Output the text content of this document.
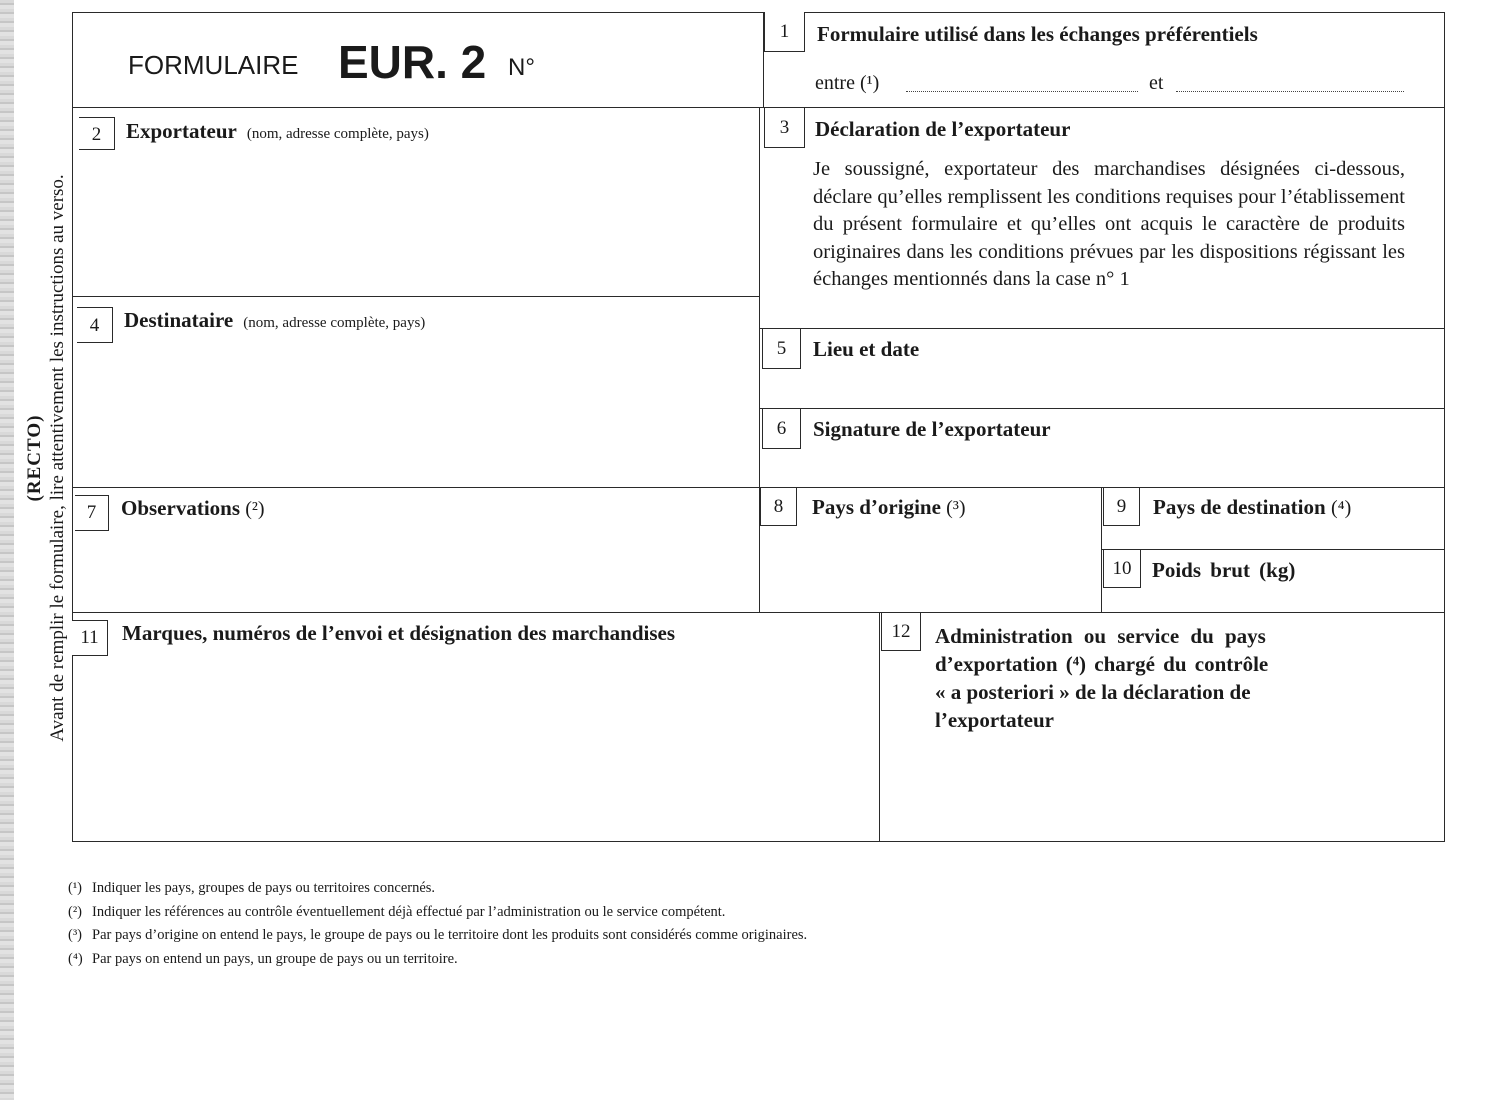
(RECTO) Avant de remplir le formulaire, lire attentivement les instructions au verso.
FORMULAIRE EUR. 2 N°
1	Formulaire utilisé dans les échanges préférentiels
entre (¹)	et
2	Exportateur (nom, adresse complète, pays)	3	Déclaration de l’exportateur
Je soussigné, exportateur des marchandises désignées ci-dessous, déclare qu’elles remplissent les conditions requises pour l’établissement du présent formulaire et qu’elles ont acquis le caractère de produits originaires dans les conditions prévues par les dispositions régissant les échanges mentionnés dans la case n° 1
4	Destinataire (nom, adresse complète, pays)
5	Lieu et date
6	Signature de l’exportateur
7	Observations (²)	8	Pays d’origine (³)	9	Pays de destination (⁴)
10 Poids brut (kg)
11	Marques, numéros de l’envoi et désignation des marchandises	12	Administration ou service du pays
d’exportation (⁴) chargé du contrôle
« a posteriori » de la déclaration de
l’exportateur
(¹) Indiquer les pays, groupes de pays ou territoires concernés.
(²) Indiquer les références au contrôle éventuellement déjà effectué par l’administration ou le service compétent.
(³) Par pays d’origine on entend le pays, le groupe de pays ou le territoire dont les produits sont considérés comme originaires.
(⁴) Par pays on entend un pays, un groupe de pays ou un territoire.
